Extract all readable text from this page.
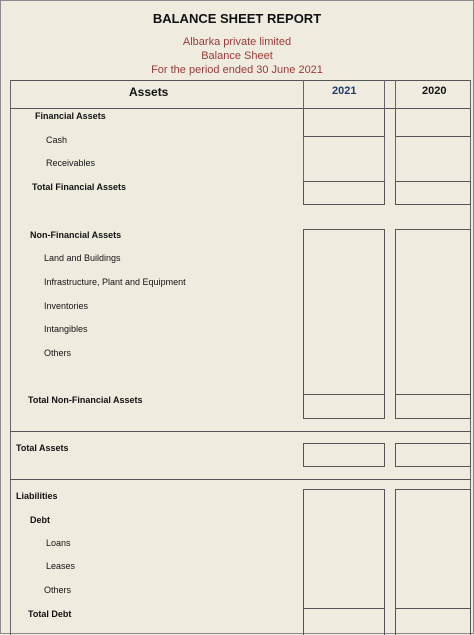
BALANCE SHEET REPORT
Albarka private limited
Balance Sheet
For the period ended 30 June 2021
Assets	2021	2020
Financial Assets
Cash
Receivables
Total Financial Assets
Non-Financial Assets
Land and Buildings
Infrastructure, Plant and Equipment
Inventories
Intangibles
Others
Total Non-Financial Assets
Total Assets
Liabilities
Debt
Loans
Leases
Others
Total Debt
